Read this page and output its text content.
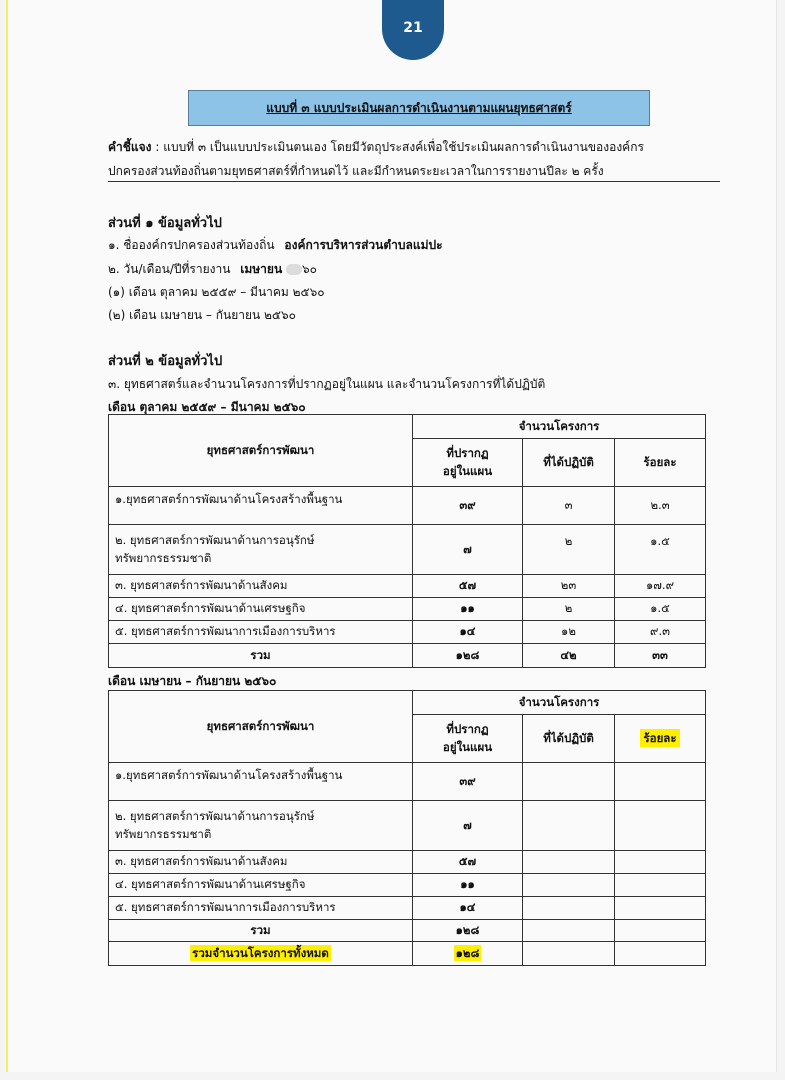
21
แบบที่ ๓ แบบประเมินผลการดำเนินงานตามแผนยุทธศาสตร์
คำชี้แจง : แบบที่ ๓ เป็นแบบประเมินตนเอง โดยมีวัตถุประสงค์เพื่อใช้ประเมินผลการดำเนินงานขององค์กร
ปกครองส่วนท้องถิ่นตามยุทธศาสตร์ที่กำหนดไว้ และมีกำหนดระยะเวลาในการรายงานปีละ ๒ ครั้ง
ส่วนที่ ๑ ข้อมูลทั่วไป
๑. ชื่อองค์กรปกครองส่วนท้องถิ่น องค์การบริหารส่วนตำบลแม่ปะ
๒. วัน/เดือน/ปีที่รายงาน เมษายน ๖๐
(๑) เดือน ตุลาคม ๒๕๕๙ – มีนาคม ๒๕๖๐
(๒) เดือน เมษายน – กันยายน ๒๕๖๐
ส่วนที่ ๒ ข้อมูลทั่วไป
๓. ยุทธศาสตร์และจำนวนโครงการที่ปรากฏอยู่ในแผน และจำนวนโครงการที่ได้ปฏิบัติ
เดือน ตุลาคม ๒๕๕๙ – มีนาคม ๒๕๖๐
ยุทธศาสตร์การพัฒนา	จำนวนโครงการ		
	ที่ปรากฏ
อยู่ในแผน	ที่ได้ปฏิบัติ	ร้อยละ
๑.ยุทธศาสตร์การพัฒนาด้านโครงสร้างพื้นฐาน	๓๙	๓	๒.๓
๒. ยุทธศาสตร์การพัฒนาด้านการอนุรักษ์
ทรัพยากรธรรมชาติ	๗	๒	๑.๕
๓. ยุทธศาสตร์การพัฒนาด้านสังคม	๕๗	๒๓	๑๗.๙
๔. ยุทธศาสตร์การพัฒนาด้านเศรษฐกิจ	๑๑	๒	๑.๕
๕. ยุทธศาสตร์การพัฒนาการเมืองการบริหาร	๑๔	๑๒	๙.๓
รวม	๑๒๘	๔๒	๓๓
เดือน เมษายน – กันยายน ๒๕๖๐
ยุทธศาสตร์การพัฒนา	จำนวนโครงการ		
	ที่ปรากฏ
อยู่ในแผน	ที่ได้ปฏิบัติ	ร้อยละ
๑.ยุทธศาสตร์การพัฒนาด้านโครงสร้างพื้นฐาน	๓๙		
๒. ยุทธศาสตร์การพัฒนาด้านการอนุรักษ์
ทรัพยากรธรรมชาติ	๗		
๓. ยุทธศาสตร์การพัฒนาด้านสังคม	๕๗		
๔. ยุทธศาสตร์การพัฒนาด้านเศรษฐกิจ	๑๑		
๕. ยุทธศาสตร์การพัฒนาการเมืองการบริหาร	๑๔		
รวม	๑๒๘		
รวมจำนวนโครงการทั้งหมด	๑๒๘		
